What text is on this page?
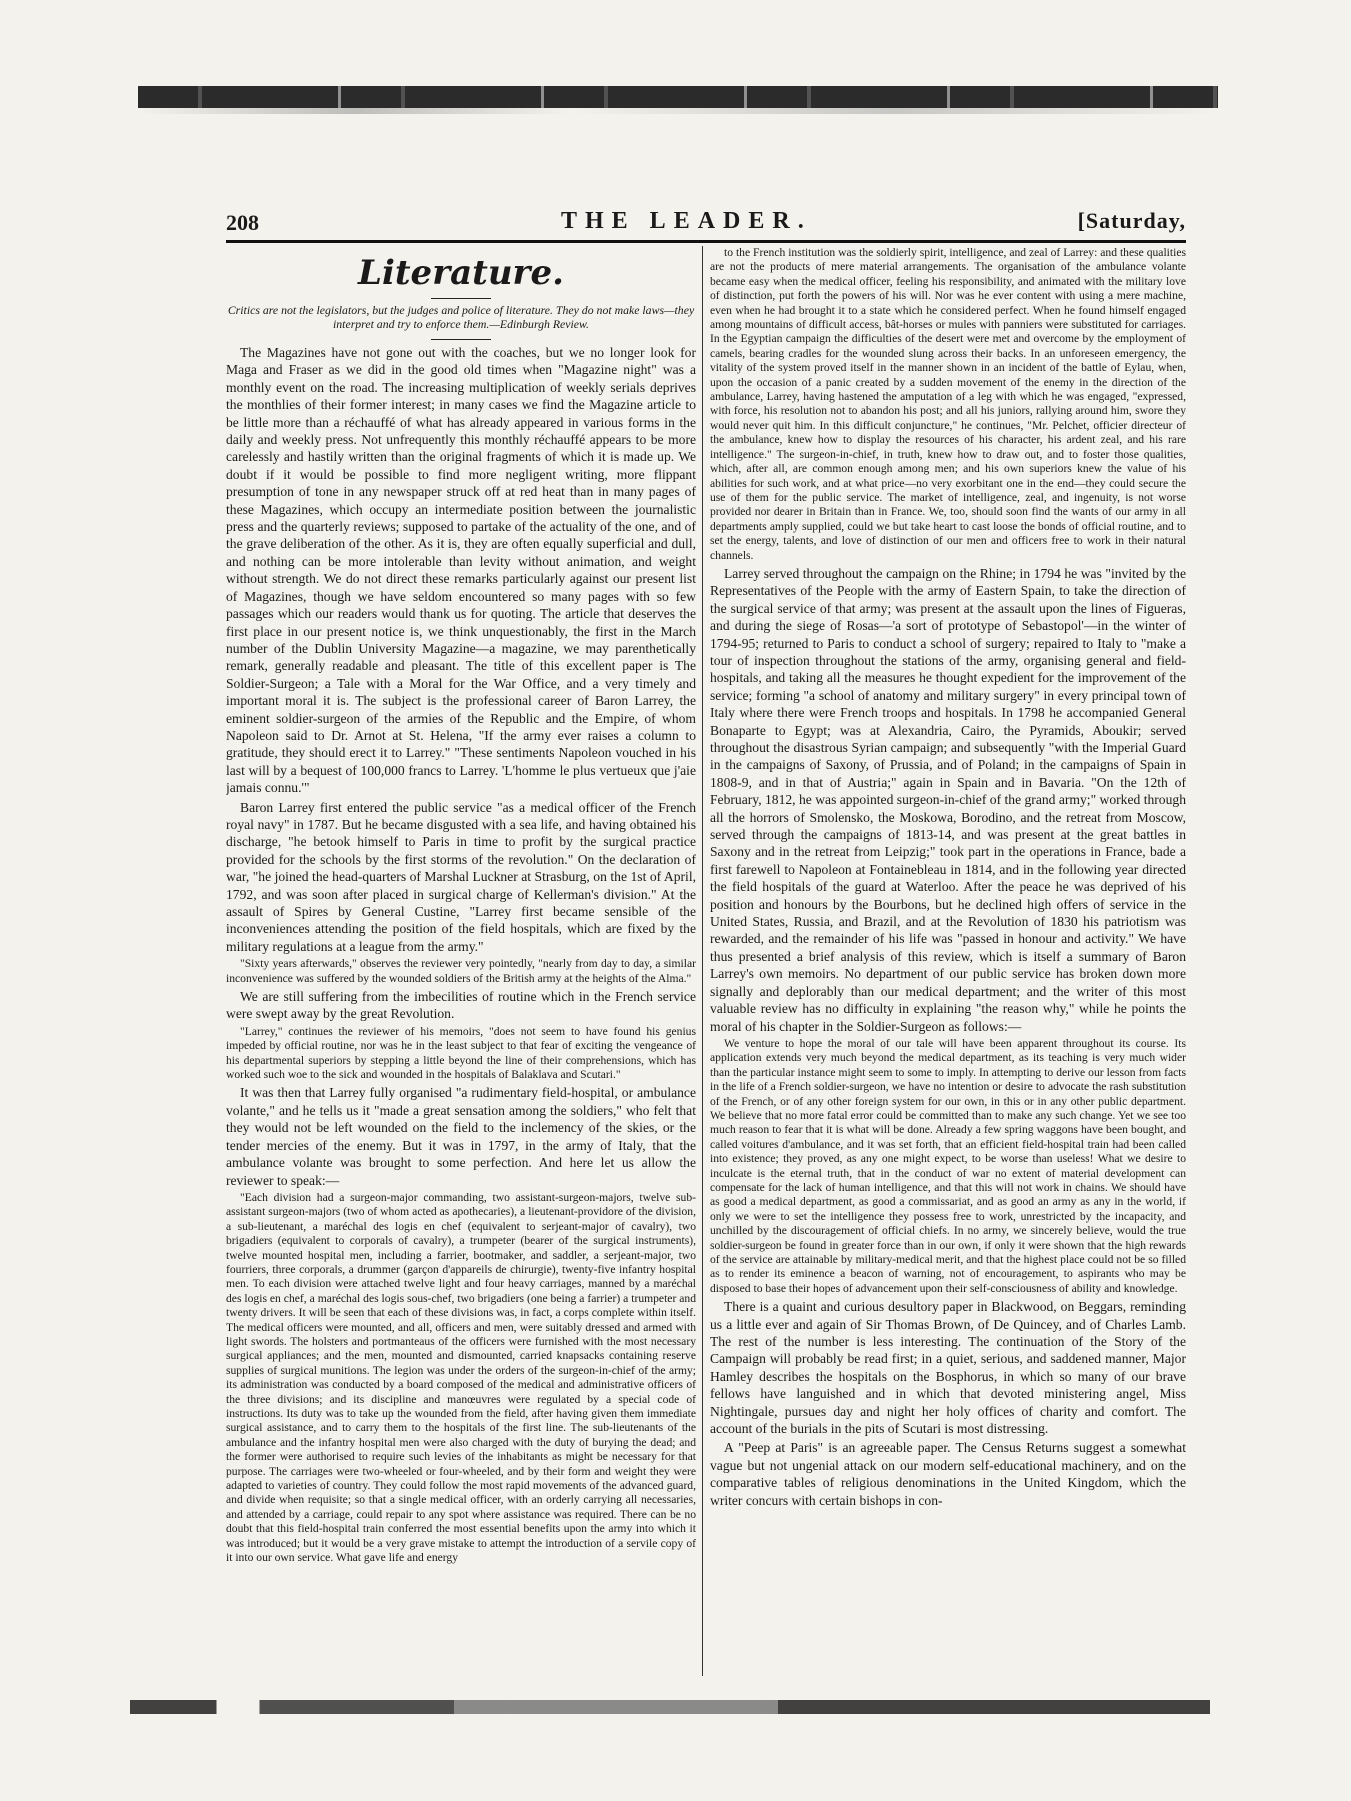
208	THE LEADER.	[Saturday,
Literature.
Critics are not the legislators, but the judges and police of literature. They do not make laws—they interpret and try to enforce them.—Edinburgh Review.

The Magazines have not gone out with the coaches, but we no longer look for Maga and Fraser as we did in the good old times when "Magazine night" was a monthly event on the road. The increasing multiplication of weekly serials deprives the monthlies of their former interest; in many cases we find the Magazine article to be little more than a réchauffé of what has already appeared in various forms in the daily and weekly press. Not unfrequently this monthly réchauffé appears to be more carelessly and hastily written than the original fragments of which it is made up. We doubt if it would be possible to find more negligent writing, more flippant presumption of tone in any newspaper struck off at red heat than in many pages of these Magazines, which occupy an intermediate position between the journalistic press and the quarterly reviews; supposed to partake of the actuality of the one, and of the grave deliberation of the other. As it is, they are often equally superficial and dull, and nothing can be more intolerable than levity without animation, and weight without strength. We do not direct these remarks particularly against our present list of Magazines, though we have seldom encountered so many pages with so few passages which our readers would thank us for quoting. The article that deserves the first place in our present notice is, we think unquestionably, the first in the March number of the Dublin University Magazine—a magazine, we may parenthetically remark, generally readable and pleasant. The title of this excellent paper is The Soldier-Surgeon; a Tale with a Moral for the War Office, and a very timely and important moral it is. The subject is the professional career of Baron Larrey, the eminent soldier-surgeon of the armies of the Republic and the Empire, of whom Napoleon said to Dr. Arnot at St. Helena, "If the army ever raises a column to gratitude, they should erect it to Larrey." "These sentiments Napoleon vouched in his last will by a bequest of 100,000 francs to Larrey. 'L'homme le plus vertueux que j'aie jamais connu.'"

Baron Larrey first entered the public service "as a medical officer of the French royal navy" in 1787. But he became disgusted with a sea life, and having obtained his discharge, "he betook himself to Paris in time to profit by the surgical practice provided for the schools by the first storms of the revolution." On the declaration of war, "he joined the head-quarters of Marshal Luckner at Strasburg, on the 1st of April, 1792, and was soon after placed in surgical charge of Kellerman's division." At the assault of Spires by General Custine, "Larrey first became sensible of the inconveniences attending the position of the field hospitals, which are fixed by the military regulations at a league from the army."

"Sixty years afterwards," observes the reviewer very pointedly, "nearly from day to day, a similar inconvenience was suffered by the wounded soldiers of the British army at the heights of the Alma."

We are still suffering from the imbecilities of routine which in the French service were swept away by the great Revolution.

"Larrey," continues the reviewer of his memoirs, "does not seem to have found his genius impeded by official routine, nor was he in the least subject to that fear of exciting the vengeance of his departmental superiors by stepping a little beyond the line of their comprehensions, which has worked such woe to the sick and wounded in the hospitals of Balaklava and Scutari."

It was then that Larrey fully organised "a rudimentary field-hospital, or ambulance volante," and he tells us it "made a great sensation among the soldiers," who felt that they would not be left wounded on the field to the inclemency of the skies, or the tender mercies of the enemy. But it was in 1797, in the army of Italy, that the ambulance volante was brought to some perfection. And here let us allow the reviewer to speak:—

"Each division had a surgeon-major commanding, two assistant-surgeon-majors, twelve sub-assistant surgeon-majors (two of whom acted as apothecaries), a lieutenant-providore of the division, a sub-lieutenant, a maréchal des logis en chef (equivalent to serjeant-major of cavalry), two brigadiers (equivalent to corporals of cavalry), a trumpeter (bearer of the surgical instruments), twelve mounted hospital men, including a farrier, bootmaker, and saddler, a serjeant-major, two fourriers, three corporals, a drummer (garçon d'appareils de chirurgie), twenty-five infantry hospital men. To each division were attached twelve light and four heavy carriages, manned by a maréchal des logis en chef, a maréchal des logis sous-chef, two brigadiers (one being a farrier) a trumpeter and twenty drivers. It will be seen that each of these divisions was, in fact, a corps complete within itself. The medical officers were mounted, and all, officers and men, were suitably dressed and armed with light swords. The holsters and portmanteaus of the officers were furnished with the most necessary surgical appliances; and the men, mounted and dismounted, carried knapsacks containing reserve supplies of surgical munitions. The legion was under the orders of the surgeon-in-chief of the army; its administration was conducted by a board composed of the medical and administrative officers of the three divisions; and its discipline and manœuvres were regulated by a special code of instructions. Its duty was to take up the wounded from the field, after having given them immediate surgical assistance, and to carry them to the hospitals of the first line. The sub-lieutenants of the ambulance and the infantry hospital men were also charged with the duty of burying the dead; and the former were authorised to require such levies of the inhabitants as might be necessary for that purpose. The carriages were two-wheeled or four-wheeled, and by their form and weight they were adapted to varieties of country. They could follow the most rapid movements of the advanced guard, and divide when requisite; so that a single medical officer, with an orderly carrying all necessaries, and attended by a carriage, could repair to any spot where assistance was required. There can be no doubt that this field-hospital train conferred the most essential benefits upon the army into which it was introduced; but it would be a very grave mistake to attempt the introduction of a servile copy of it into our own service. What gave life and energy

to the French institution was the soldierly spirit, intelligence, and zeal of Larrey: and these qualities are not the products of mere material arrangements. The organisation of the ambulance volante became easy when the medical officer, feeling his responsibility, and animated with the military love of distinction, put forth the powers of his will. Nor was he ever content with using a mere machine, even when he had brought it to a state which he considered perfect. When he found himself engaged among mountains of difficult access, bât-horses or mules with panniers were substituted for carriages. In the Egyptian campaign the difficulties of the desert were met and overcome by the employment of camels, bearing cradles for the wounded slung across their backs. In an unforeseen emergency, the vitality of the system proved itself in the manner shown in an incident of the battle of Eylau, when, upon the occasion of a panic created by a sudden movement of the enemy in the direction of the ambulance, Larrey, having hastened the amputation of a leg with which he was engaged, "expressed, with force, his resolution not to abandon his post; and all his juniors, rallying around him, swore they would never quit him. In this difficult conjuncture," he continues, "Mr. Pelchet, officier directeur of the ambulance, knew how to display the resources of his character, his ardent zeal, and his rare intelligence." The surgeon-in-chief, in truth, knew how to draw out, and to foster those qualities, which, after all, are common enough among men; and his own superiors knew the value of his abilities for such work, and at what price—no very exorbitant one in the end—they could secure the use of them for the public service. The market of intelligence, zeal, and ingenuity, is not worse provided nor dearer in Britain than in France. We, too, should soon find the wants of our army in all departments amply supplied, could we but take heart to cast loose the bonds of official routine, and to set the energy, talents, and love of distinction of our men and officers free to work in their natural channels.

Larrey served throughout the campaign on the Rhine; in 1794 he was "invited by the Representatives of the People with the army of Eastern Spain, to take the direction of the surgical service of that army; was present at the assault upon the lines of Figueras, and during the siege of Rosas—'a sort of prototype of Sebastopol'—in the winter of 1794-95; returned to Paris to conduct a school of surgery; repaired to Italy to "make a tour of inspection throughout the stations of the army, organising general and field-hospitals, and taking all the measures he thought expedient for the improvement of the service; forming "a school of anatomy and military surgery" in every principal town of Italy where there were French troops and hospitals. In 1798 he accompanied General Bonaparte to Egypt; was at Alexandria, Cairo, the Pyramids, Aboukir; served throughout the disastrous Syrian campaign; and subsequently "with the Imperial Guard in the campaigns of Saxony, of Prussia, and of Poland; in the campaigns of Spain in 1808-9, and in that of Austria;" again in Spain and in Bavaria. "On the 12th of February, 1812, he was appointed surgeon-in-chief of the grand army;" worked through all the horrors of Smolensko, the Moskowa, Borodino, and the retreat from Moscow, served through the campaigns of 1813-14, and was present at the great battles in Saxony and in the retreat from Leipzig;" took part in the operations in France, bade a first farewell to Napoleon at Fontainebleau in 1814, and in the following year directed the field hospitals of the guard at Waterloo. After the peace he was deprived of his position and honours by the Bourbons, but he declined high offers of service in the United States, Russia, and Brazil, and at the Revolution of 1830 his patriotism was rewarded, and the remainder of his life was "passed in honour and activity." We have thus presented a brief analysis of this review, which is itself a summary of Baron Larrey's own memoirs. No department of our public service has broken down more signally and deplorably than our medical department; and the writer of this most valuable review has no difficulty in explaining "the reason why," while he points the moral of his chapter in the Soldier-Surgeon as follows:—

We venture to hope the moral of our tale will have been apparent throughout its course. Its application extends very much beyond the medical department, as its teaching is very much wider than the particular instance might seem to some to imply. In attempting to derive our lesson from facts in the life of a French soldier-surgeon, we have no intention or desire to advocate the rash substitution of the French, or of any other foreign system for our own, in this or in any other public department. We believe that no more fatal error could be committed than to make any such change. Yet we see too much reason to fear that it is what will be done. Already a few spring waggons have been bought, and called voitures d'ambulance, and it was set forth, that an efficient field-hospital train had been called into existence; they proved, as any one might expect, to be worse than useless! What we desire to inculcate is the eternal truth, that in the conduct of war no extent of material development can compensate for the lack of human intelligence, and that this will not work in chains. We should have as good a medical department, as good a commissariat, and as good an army as any in the world, if only we were to set the intelligence they possess free to work, unrestricted by the incapacity, and unchilled by the discouragement of official chiefs. In no army, we sincerely believe, would the true soldier-surgeon be found in greater force than in our own, if only it were shown that the high rewards of the service are attainable by military-medical merit, and that the highest place could not be so filled as to render its eminence a beacon of warning, not of encouragement, to aspirants who may be disposed to base their hopes of advancement upon their self-consciousness of ability and knowledge.

There is a quaint and curious desultory paper in Blackwood, on Beggars, reminding us a little ever and again of Sir Thomas Brown, of De Quincey, and of Charles Lamb. The rest of the number is less interesting. The continuation of the Story of the Campaign will probably be read first; in a quiet, serious, and saddened manner, Major Hamley describes the hospitals on the Bosphorus, in which so many of our brave fellows have languished and in which that devoted ministering angel, Miss Nightingale, pursues day and night her holy offices of charity and comfort. The account of the burials in the pits of Scutari is most distressing.

A "Peep at Paris" is an agreeable paper. The Census Returns suggest a somewhat vague but not ungenial attack on our modern self-educational machinery, and on the comparative tables of religious denominations in the United Kingdom, which the writer concurs with certain bishops in con-
